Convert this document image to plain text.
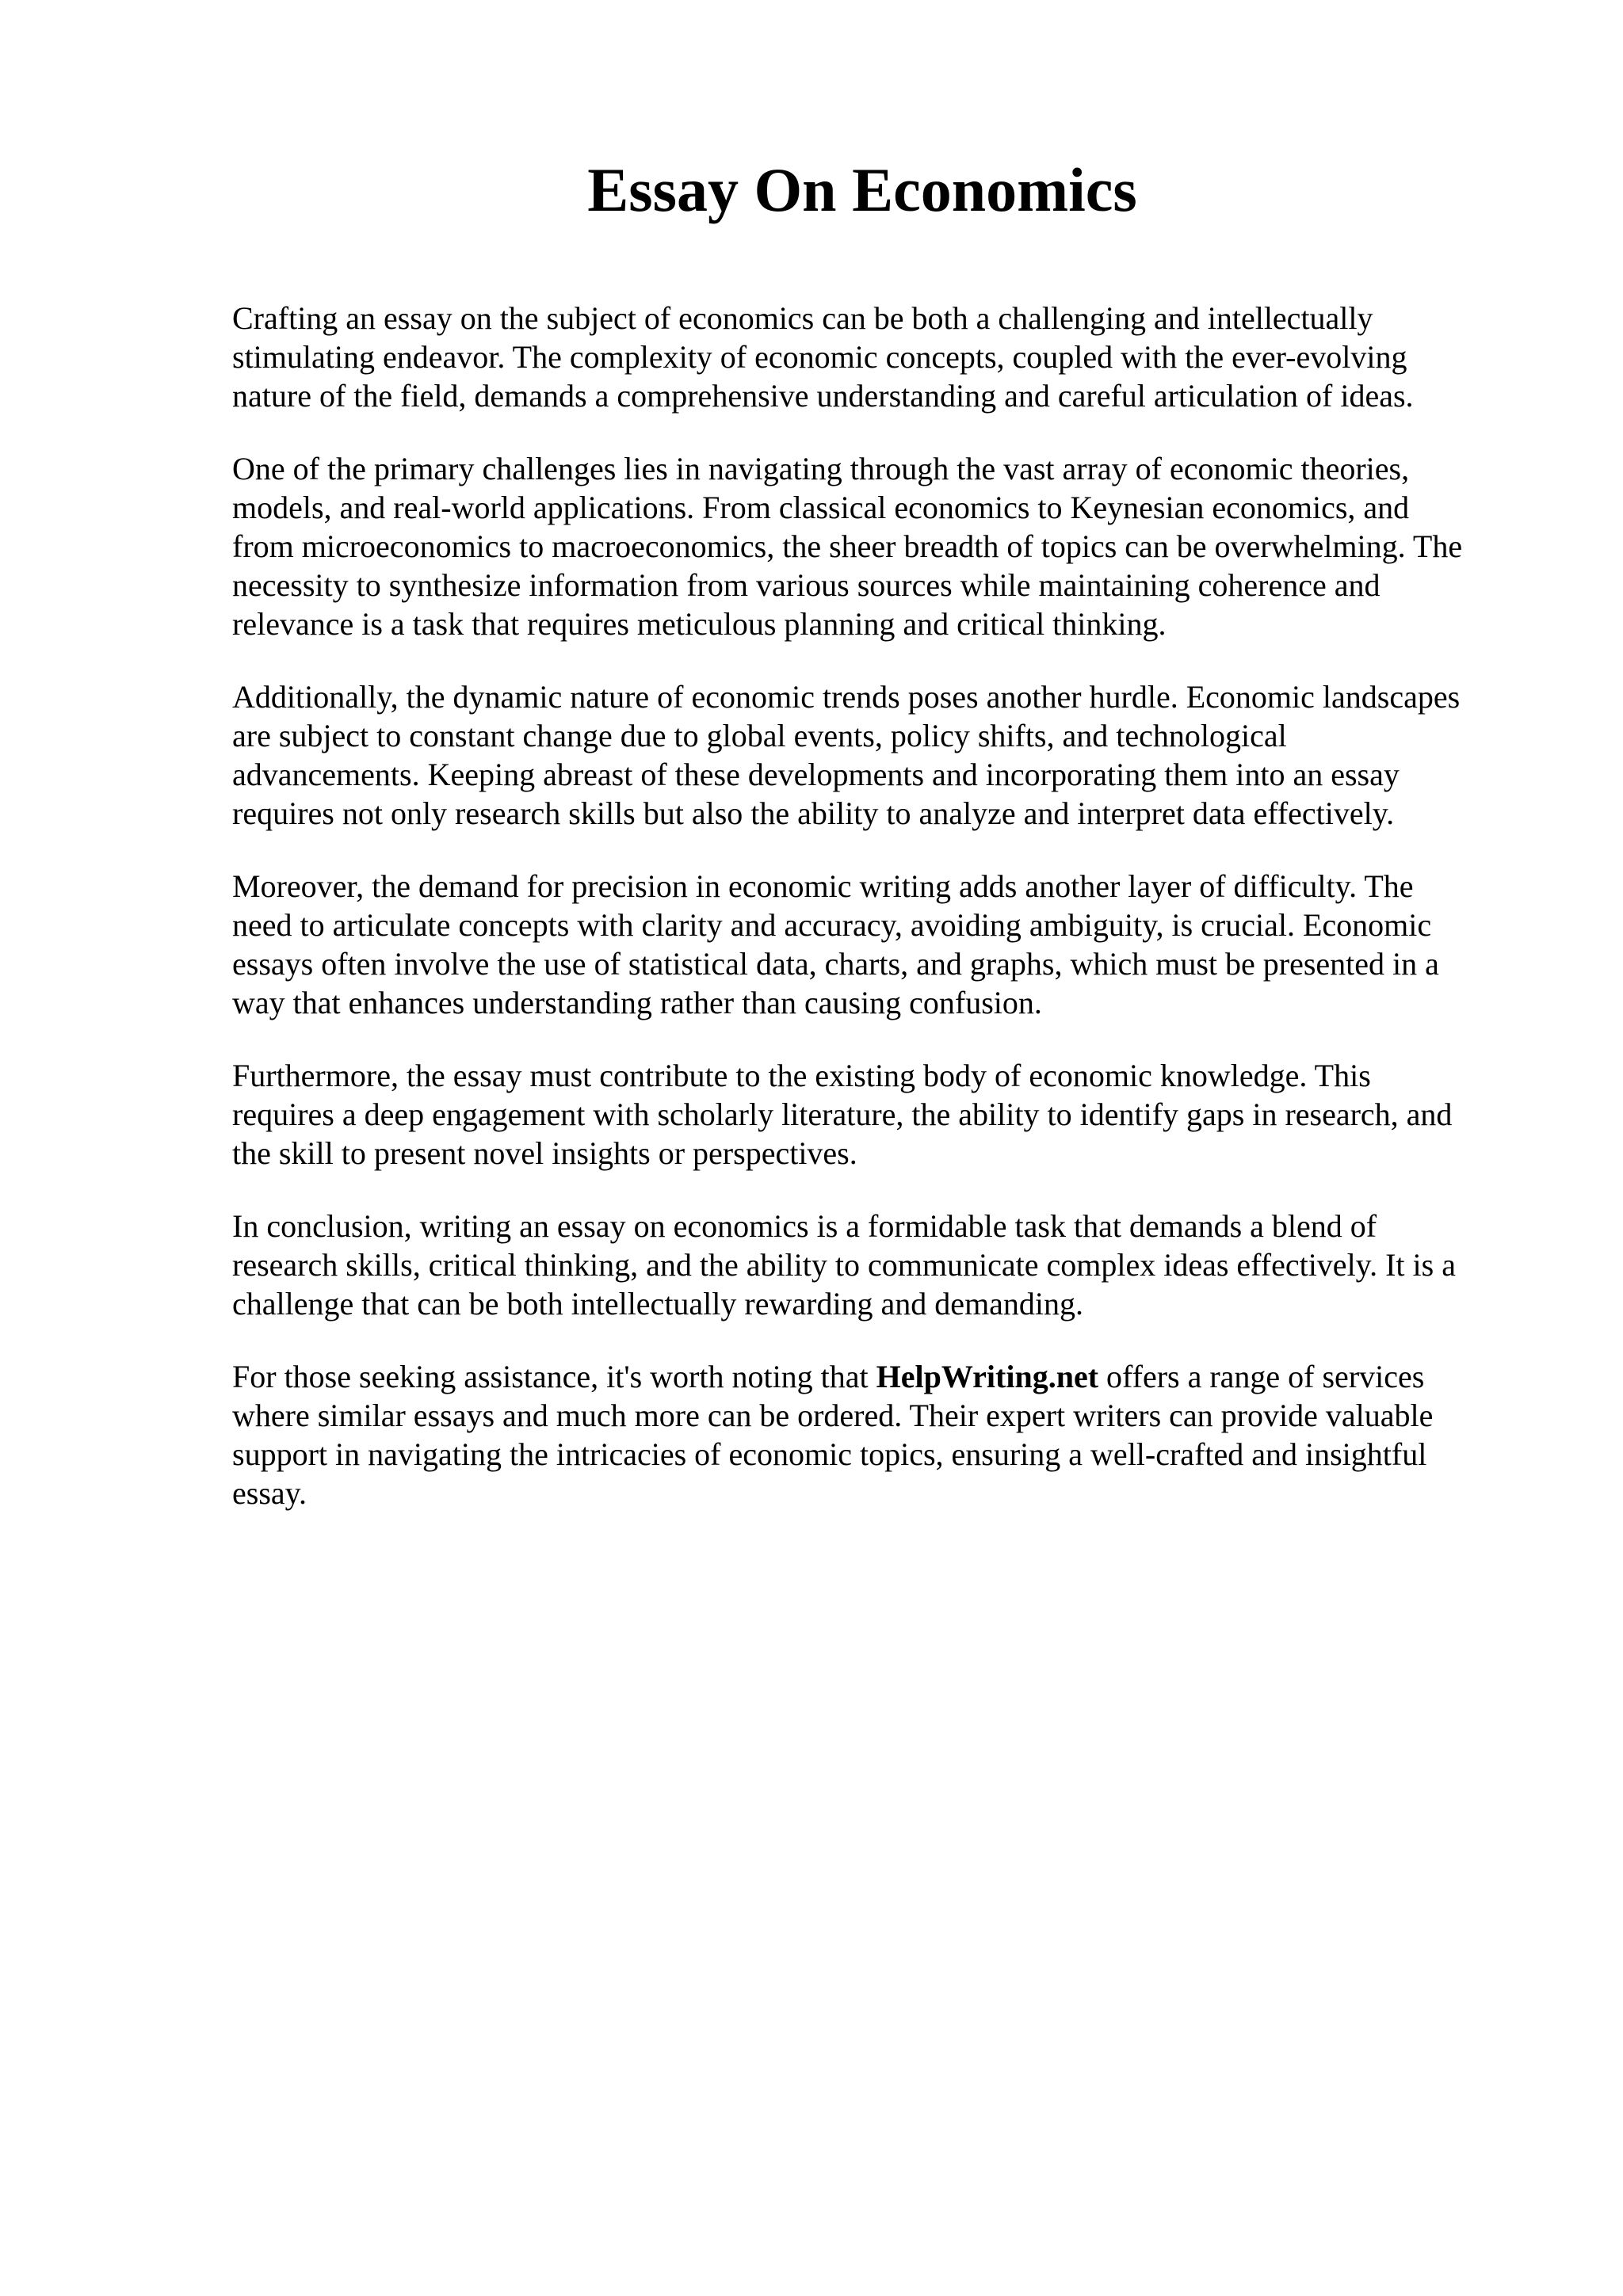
Essay On Economics

Crafting an essay on the subject of economics can be both a challenging and intellectually
stimulating endeavor. The complexity of economic concepts, coupled with the ever-evolving
nature of the field, demands a comprehensive understanding and careful articulation of ideas.

One of the primary challenges lies in navigating through the vast array of economic theories,
models, and real-world applications. From classical economics to Keynesian economics, and
from microeconomics to macroeconomics, the sheer breadth of topics can be overwhelming. The
necessity to synthesize information from various sources while maintaining coherence and
relevance is a task that requires meticulous planning and critical thinking.

Additionally, the dynamic nature of economic trends poses another hurdle. Economic landscapes
are subject to constant change due to global events, policy shifts, and technological
advancements. Keeping abreast of these developments and incorporating them into an essay
requires not only research skills but also the ability to analyze and interpret data effectively.

Moreover, the demand for precision in economic writing adds another layer of difficulty. The
need to articulate concepts with clarity and accuracy, avoiding ambiguity, is crucial. Economic
essays often involve the use of statistical data, charts, and graphs, which must be presented in a
way that enhances understanding rather than causing confusion.

Furthermore, the essay must contribute to the existing body of economic knowledge. This
requires a deep engagement with scholarly literature, the ability to identify gaps in research, and
the skill to present novel insights or perspectives.

In conclusion, writing an essay on economics is a formidable task that demands a blend of
research skills, critical thinking, and the ability to communicate complex ideas effectively. It is a
challenge that can be both intellectually rewarding and demanding.

For those seeking assistance, it's worth noting that HelpWriting.net offers a range of services
where similar essays and much more can be ordered. Their expert writers can provide valuable
support in navigating the intricacies of economic topics, ensuring a well-crafted and insightful
essay.
